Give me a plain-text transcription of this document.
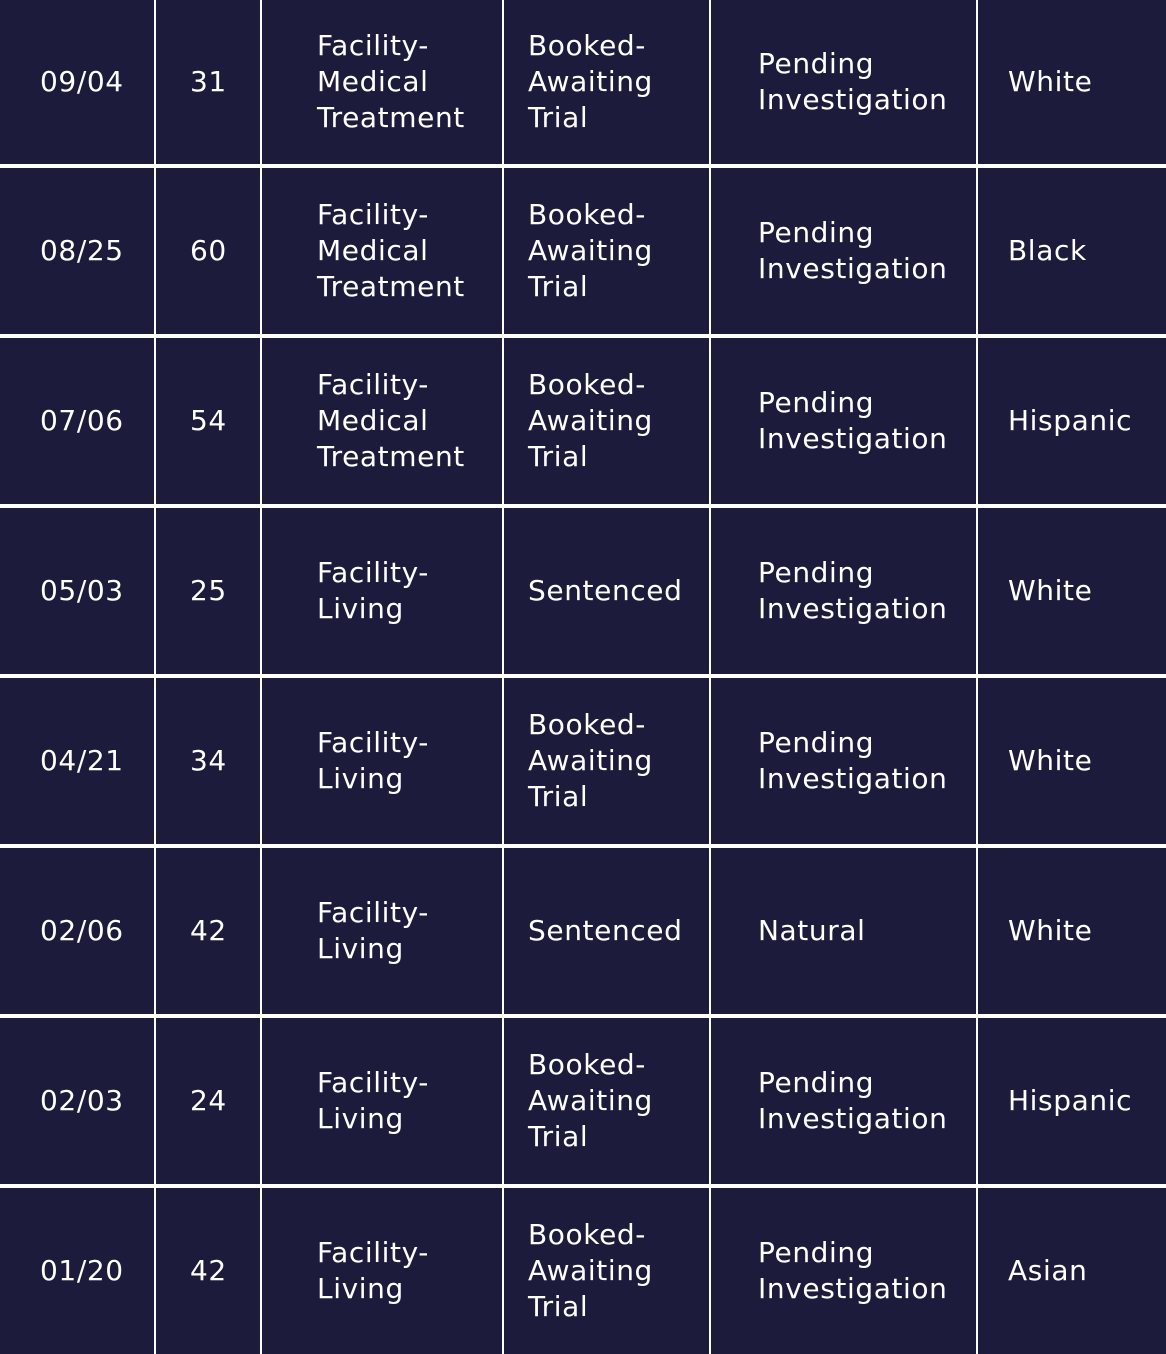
09/04 31
Facility-
Medical
Treatment
Booked-
Awaiting
Trial
Pending
Investigation
White
08/25 60
Facility-
Medical
Treatment
Booked-
Awaiting
Trial
Pending
Investigation
Black
07/06 54
Facility-
Medical
Treatment
Booked-
Awaiting
Trial
Pending
Investigation
Hispanic
05/03 25
Facility-
Living
Sentenced
Pending
Investigation
White
04/21 34
Facility-
Living
Booked-
Awaiting
Trial
Pending
Investigation
White
02/06 42
Facility-
Living
Sentenced	Natural	White
02/03 24
Facility-
Living
Booked-
Awaiting
Trial
Pending
Investigation
Hispanic
01/20 42
Facility-
Living
Booked-
Awaiting
Trial
Pending
Investigation
Asian
